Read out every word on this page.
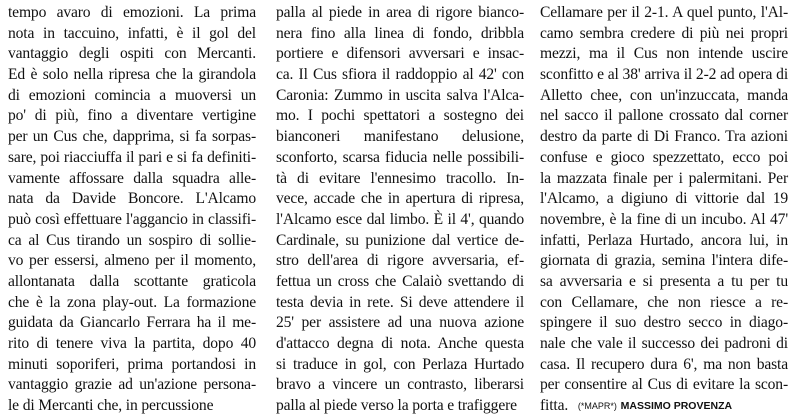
tempo avaro di emozioni. La prima
nota in taccuino, infatti, è il gol del
vantaggio degli ospiti con Mercanti.
Ed è solo nella ripresa che la girandola
di emozioni comincia a muoversi un
po' di più, fino a diventare vertigine
per un Cus che, dapprima, si fa sorpas-
sare, poi riacciuffa il pari e si fa definiti-
vamente affossare dalla squadra alle-
nata da Davide Boncore. L'Alcamo
può così effettuare l'aggancio in classifi-
ca al Cus tirando un sospiro di sollie-
vo per essersi, almeno per il momento,
allontanata dalla scottante graticola
che è la zona play-out. La formazione
guidata da Giancarlo Ferrara ha il me-
rito di tenere viva la partita, dopo 40
minuti soporiferi, prima portandosi in
vantaggio grazie ad un'azione persona-
le di Mercanti che, in percussione
palla al piede in area di rigore bianco-
nera fino alla linea di fondo, dribbla
portiere e difensori avversari e insac-
ca. Il Cus sfiora il raddoppio al 42' con
Caronia: Zummo in uscita salva l'Alca-
mo. I pochi spettatori a sostegno dei
bianconeri manifestano delusione,
sconforto, scarsa fiducia nelle possibili-
tà di evitare l'ennesimo tracollo. In-
vece, accade che in apertura di ripresa,
l'Alcamo esce dal limbo. È il 4', quando
Cardinale, su punizione dal vertice de-
stro dell'area di rigore avversaria, ef-
fettua un cross che Calaiò svettando di
testa devia in rete. Si deve attendere il
25' per assistere ad una nuova azione
d'attacco degna di nota. Anche questa
si traduce in gol, con Perlaza Hurtado
bravo a vincere un contrasto, liberarsi
palla al piede verso la porta e trafiggere
Cellamare per il 2-1. A quel punto, l'Al-
camo sembra credere di più nei propri
mezzi, ma il Cus non intende uscire
sconfitto e al 38' arriva il 2-2 ad opera di
Alletto chee, con un'inzuccata, manda
nel sacco il pallone crossato dal corner
destro da parte di Di Franco. Tra azioni
confuse e gioco spezzettato, ecco poi
la mazzata finale per i palermitani. Per
l'Alcamo, a digiuno di vittorie dal 19
novembre, è la fine di un incubo. Al 47'
infatti, Perlaza Hurtado, ancora lui, in
giornata di grazia, semina l'intera dife-
sa avversaria e si presenta a tu per tu
con Cellamare, che non riesce a re-
spingere il suo destro secco in diago-
nale che vale il successo dei padroni di
casa. Il recupero dura 6', ma non basta
per consentire al Cus di evitare la scon-
fitta. (*MAPR*) MASSIMO PROVENZA
